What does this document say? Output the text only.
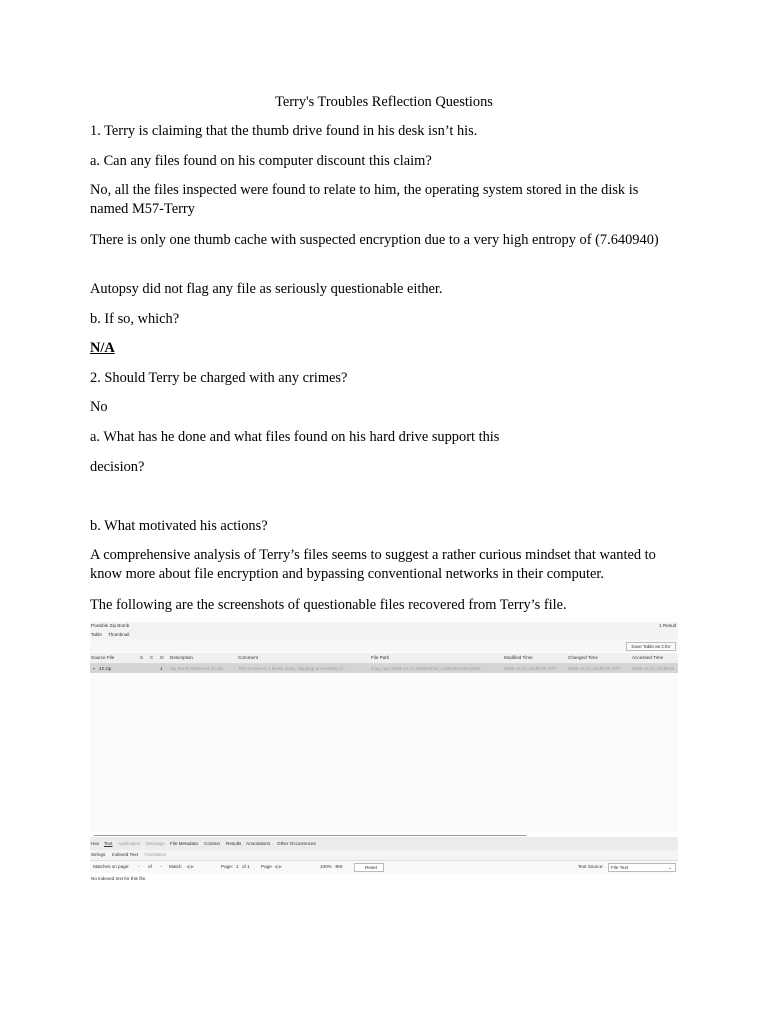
Terry's Troubles Reflection Questions
1. Terry is claiming that the thumb drive found in his desk isn’t his.
a. Can any files found on his computer discount this claim?
No, all the files inspected were found to relate to him, the operating system stored in the disk is named M57-Terry
There is only one thumb cache with suspected encryption due to a very high entropy of (7.640940)
Autopsy did not flag any file as seriously questionable either.
b. If so, which?
N/A
2. Should Terry be charged with any crimes?
No
a. What has he done and what files found on his hard drive support this
decision?
b. What motivated his actions?
A comprehensive analysis of Terry’s files seems to suggest a rather curious mindset that wanted to know more about file encryption and bypassing conventional networks in their computer.
The following are the screenshots of questionable files recovered from Terry’s file.
Possible Zip Bomb	1 Result
Table Thumbnail
Save Table as CSV
Source File	S C O Description	Comment	File Path	Modified Time	Changed Time	Accessed Time
▪ 42.zip	1 Zip Bomb Detected 42.zip	The archive is 4 levels deep, skipping processing of ...	/img_nps-2009-12-11-402103/vol_vol3/Users/terry/Do...	2009-11-24 15:40:09 CST	2009-11-24 15:40:09 CST	2009-11-24 15:39:53
Hex Text Application Message File Metadata Context Results Annotations Other Occurrences
Strings Indexed Text Translation
Matches on page: - of - Match ◀ ▶	Page: 1 of 1 Page ◀ ▶	100% ⊕⊖	Reset	Text Source: File Text	⌄
No indexed text for this file.
